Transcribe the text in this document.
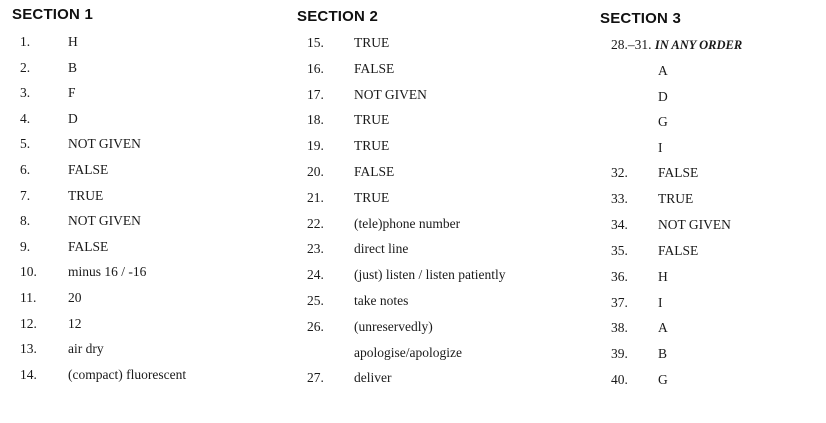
SECTION 1	SECTION 2	SECTION 3
1.	H
2.	B
3.	F
4.	D
5.	NOT GIVEN
6.	FALSE
7.	TRUE
8.	NOT GIVEN
9.	FALSE
10. minus 16 / -16
11. 20
12. 12
13. air dry
14. (compact) fluorescent
15. TRUE
16. FALSE
17. NOT GIVEN
18. TRUE
19. TRUE
20. FALSE
21. TRUE
22. (tele)phone number
23. direct line
24. (just) listen / listen patiently
25. take notes
26. (unreservedly)
apologise/apologize
27. deliver
28.–31. IN ANY ORDER
A
D
G
I
32. FALSE
33. TRUE
34. NOT GIVEN
35. FALSE
36. H
37. I
38. A
39. B
40. G
